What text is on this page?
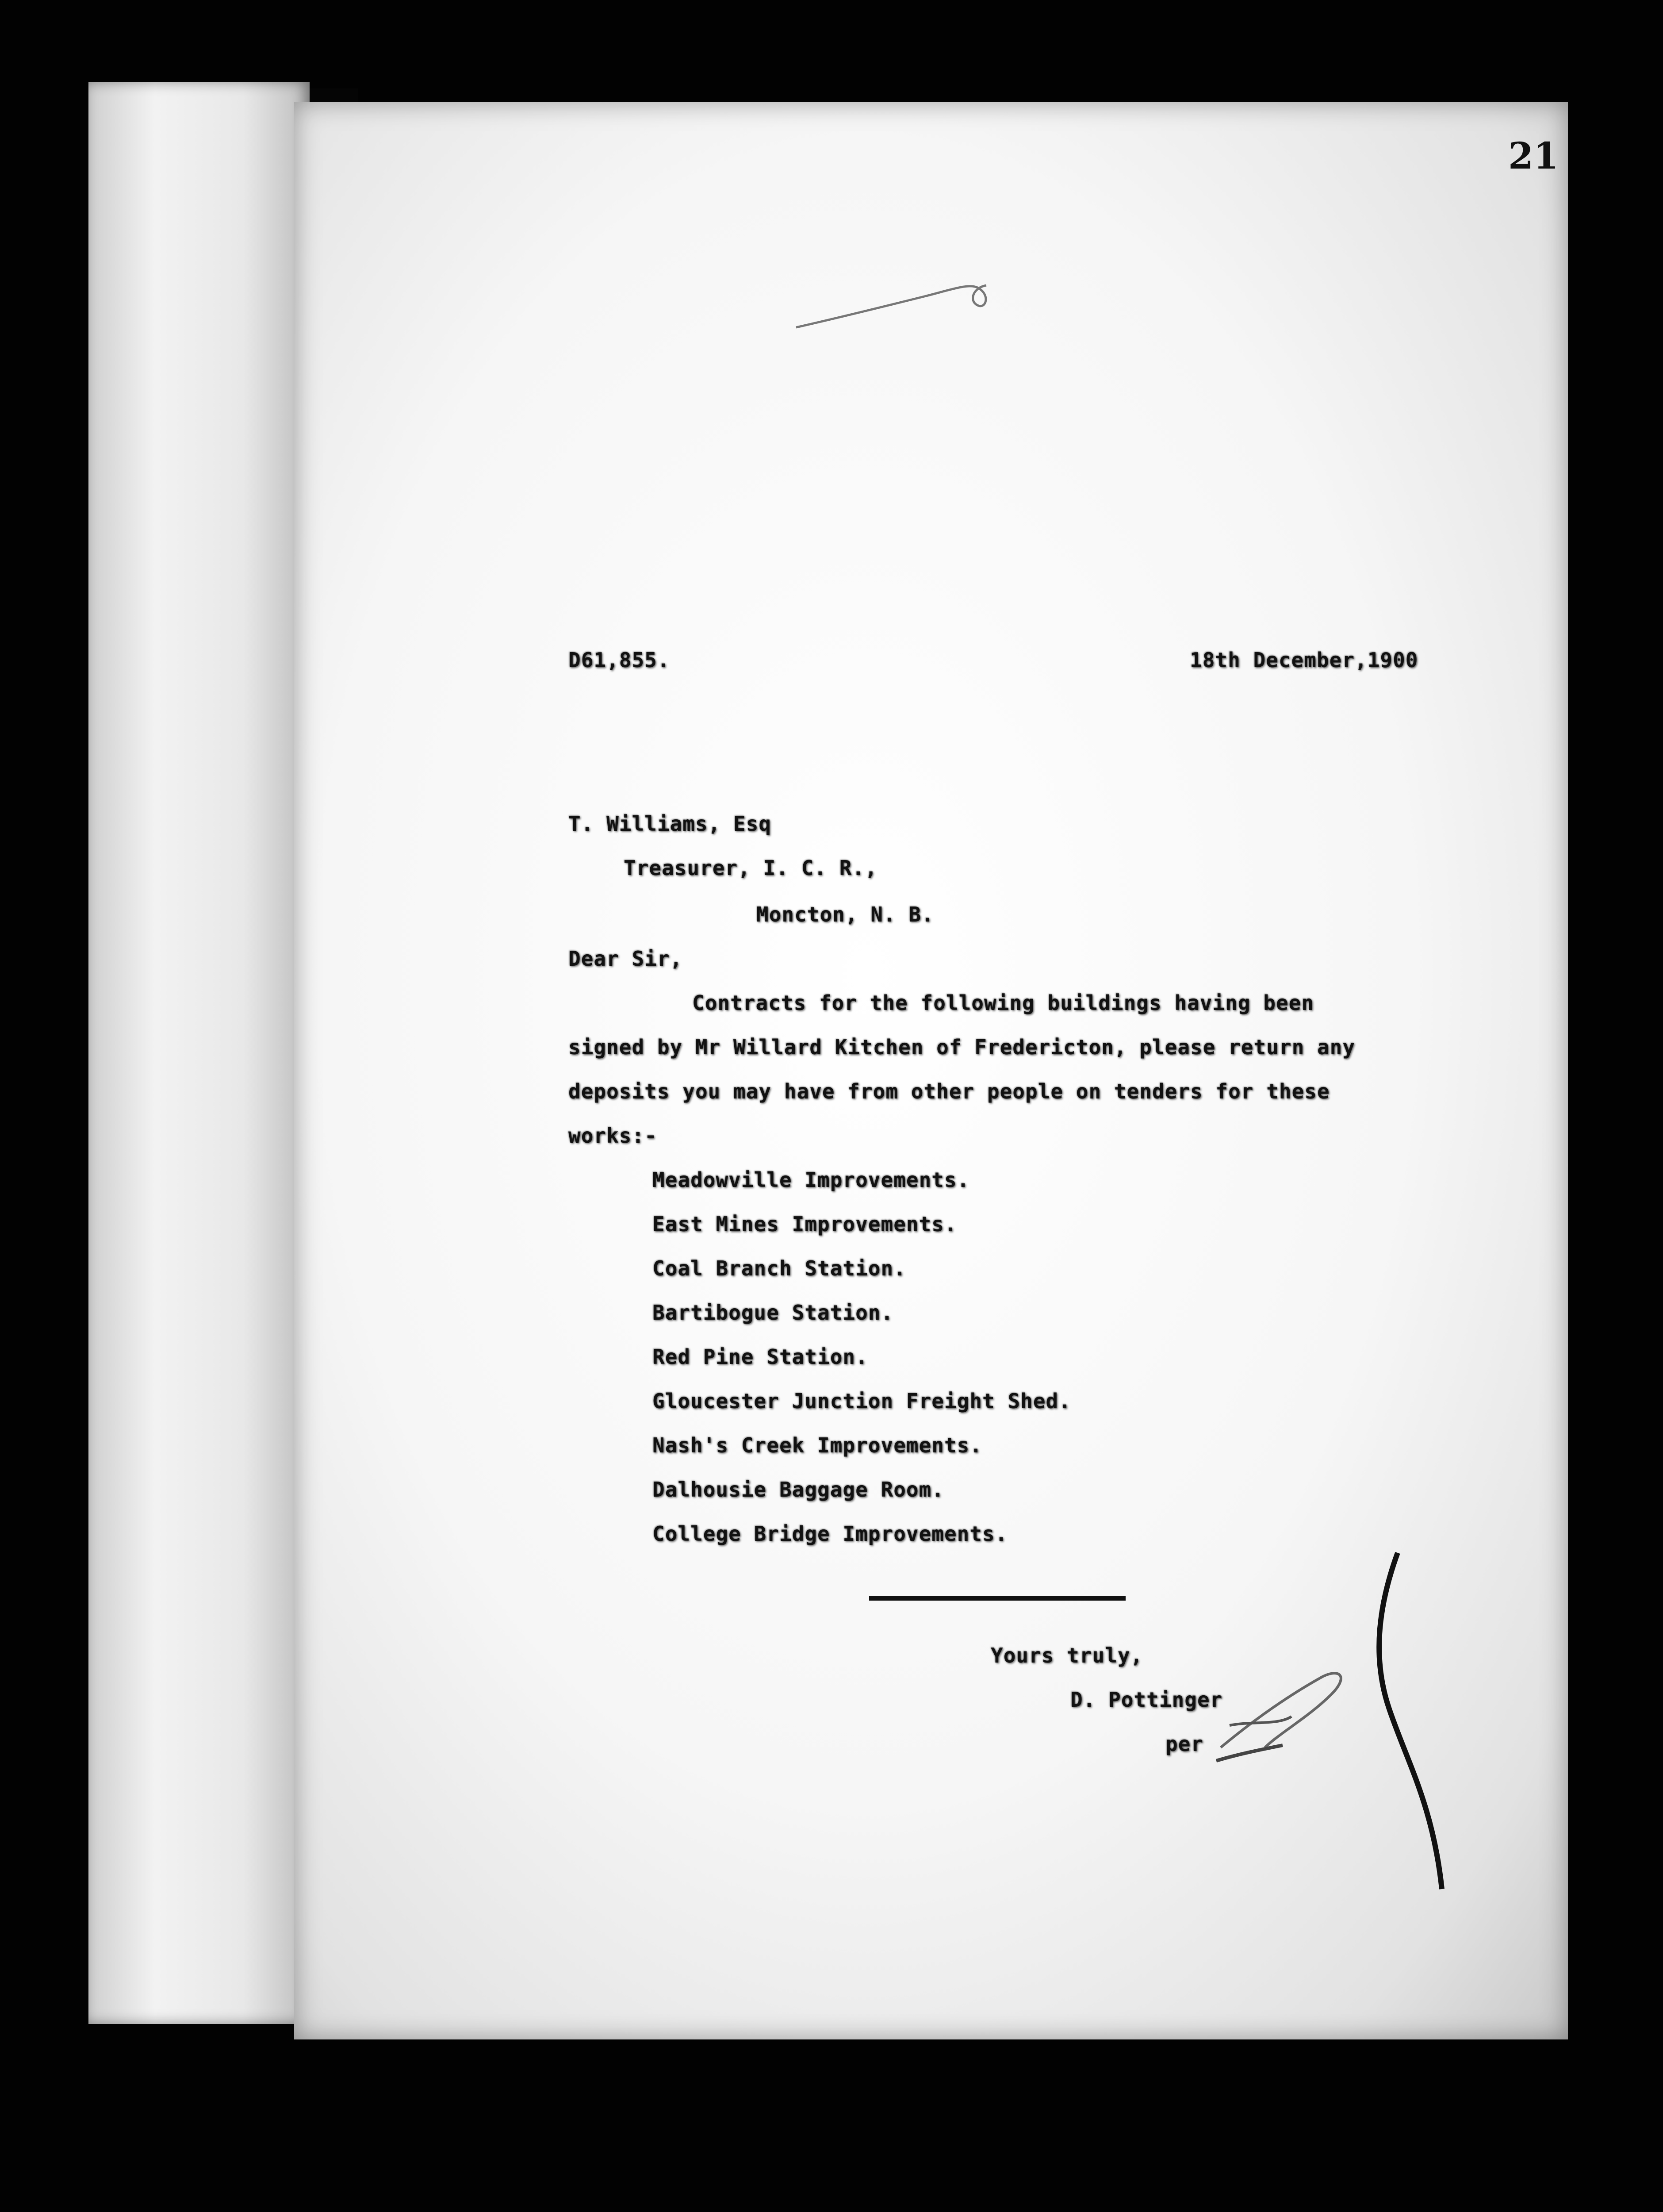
21
D61,855.	18th December,1900
T. Williams, Esq
Treasurer, I. C. R.,
Moncton, N. B.
Dear Sir,
Contracts for the following buildings having been
signed by Mr Willard Kitchen of Fredericton, please return any
deposits you may have from other people on tenders for these
works:-
Meadowville Improvements.
East Mines Improvements.
Coal Branch Station.
Bartibogue Station.
Red Pine Station.
Gloucester Junction Freight Shed.
Nash's Creek Improvements.
Dalhousie Baggage Room.
College Bridge Improvements.
Yours truly,
D. Pottinger
per
